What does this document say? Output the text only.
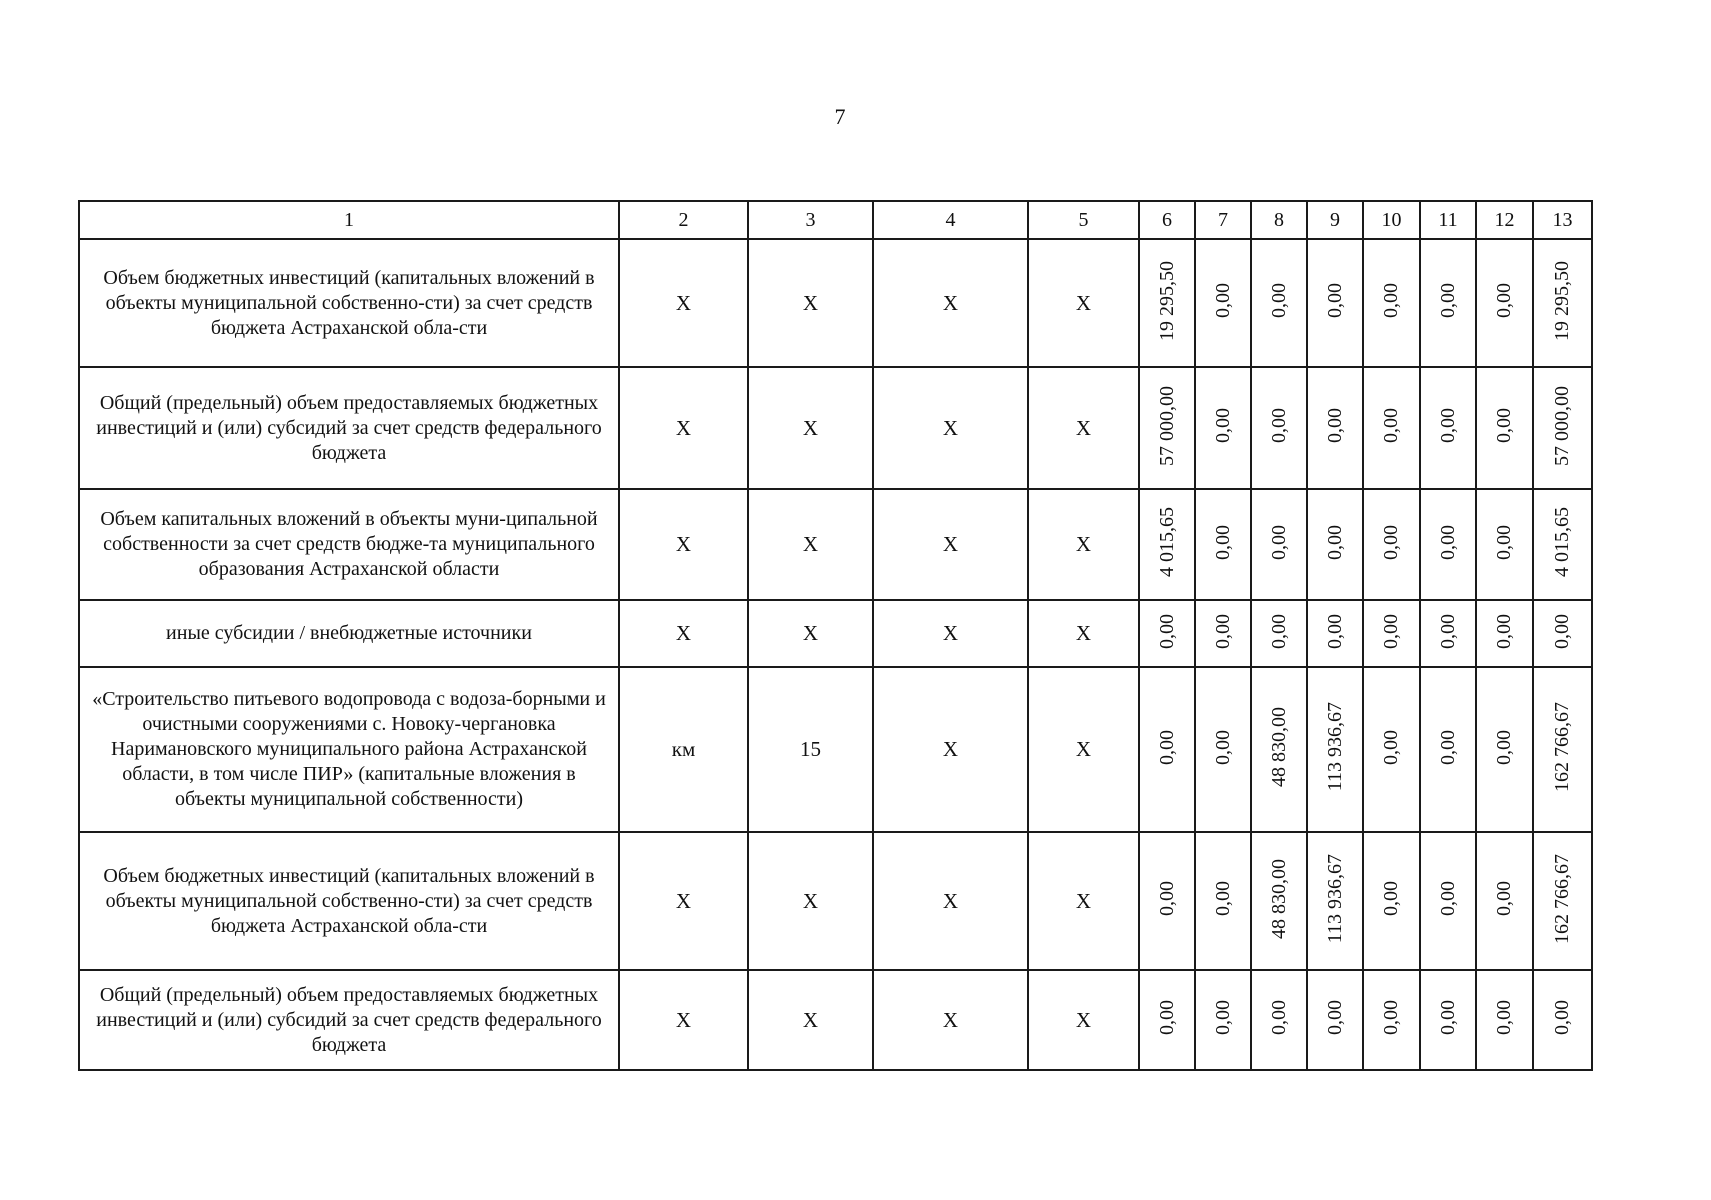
7
1	2	3	4	5	6	7	8	9	10	11	12	13
Объем бюджетных инвестиций (капитальных вложений в объекты муниципальной собственно-сти) за счет средств бюджета Астраханской обла-сти	Х	Х	Х	Х	19 295,50	0,00	0,00	0,00	0,00	0,00	0,00	19 295,50
Общий (предельный) объем предоставляемых бюджетных инвестиций и (или) субсидий за счет средств федерального бюджета	Х	Х	Х	Х	57 000,00	0,00	0,00	0,00	0,00	0,00	0,00	57 000,00
Объем капитальных вложений в объекты муни-ципальной собственности за счет средств бюдже-та муниципального образования Астраханской области	Х	Х	Х	Х	4 015,65	0,00	0,00	0,00	0,00	0,00	0,00	4 015,65
иные субсидии / внебюджетные источники	Х	Х	Х	Х	0,00	0,00	0,00	0,00	0,00	0,00	0,00	0,00
«Строительство питьевого водопровода с водоза-борными и очистными сооружениями с. Новоку-черганoвка Наримановского муниципального района Астраханской области, в том числе ПИР» (капитальные вложения в объекты муниципальной собственности)	км	15	Х	Х	0,00	0,00	48 830,00	113 936,67	0,00	0,00	0,00	162 766,67
Объем бюджетных инвестиций (капитальных вложений в объекты муниципальной собственно-сти) за счет средств бюджета Астраханской обла-сти	Х	Х	Х	Х	0,00	0,00	48 830,00	113 936,67	0,00	0,00	0,00	162 766,67
Общий (предельный) объем предоставляемых бюджетных инвестиций и (или) субсидий за счет средств федерального бюджета	Х	Х	Х	Х	0,00	0,00	0,00	0,00	0,00	0,00	0,00	0,00
